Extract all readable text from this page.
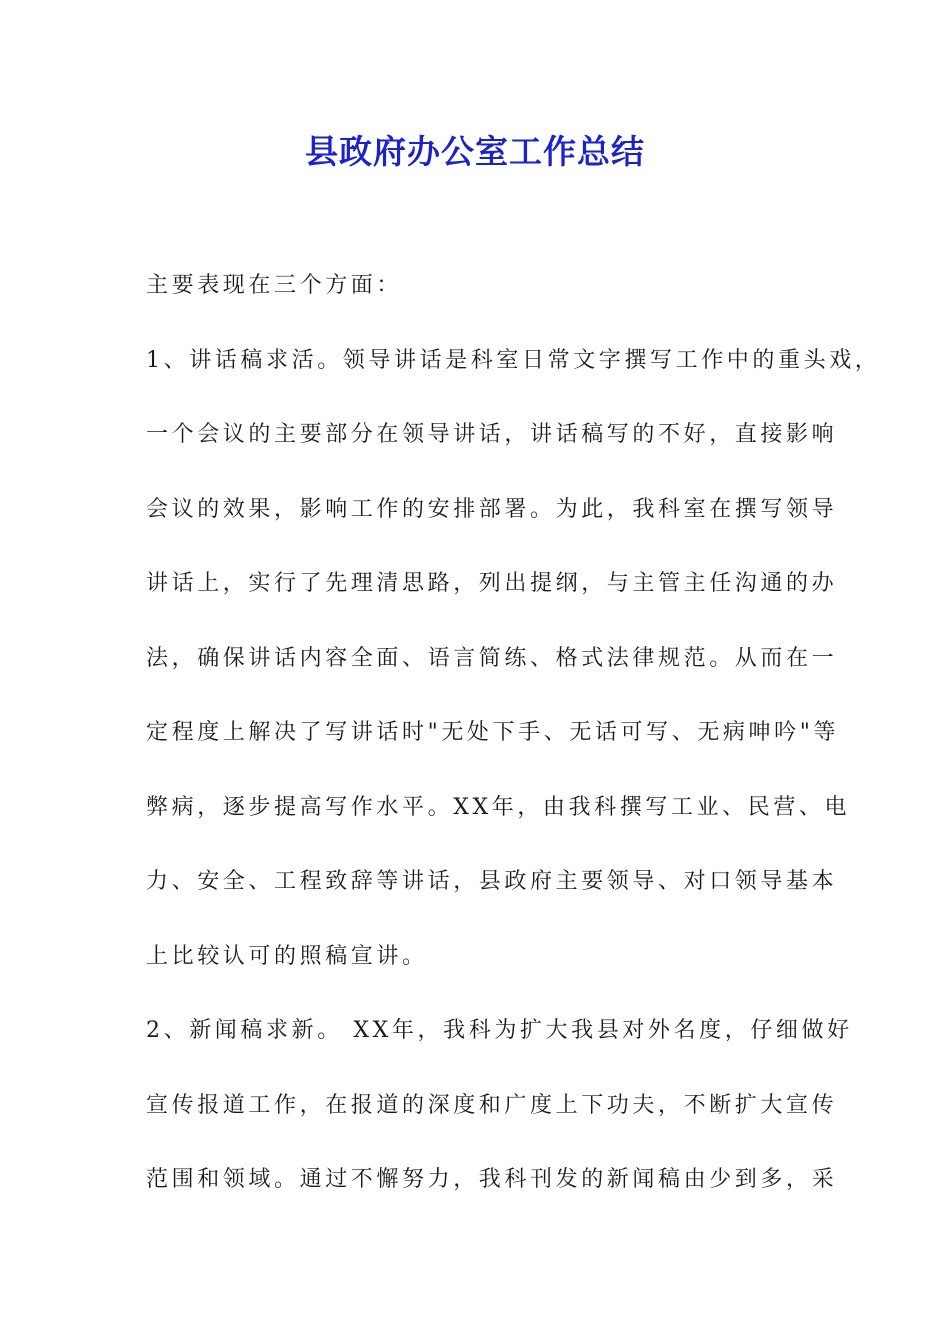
县政府办公室工作总结
主要表现在三个方面：
1、讲话稿求活。领导讲话是科室日常文字撰写工作中的重头戏，
一个会议的主要部分在领导讲话，讲话稿写的不好，直接影响
会议的效果，影响工作的安排部署。为此，我科室在撰写领导
讲话上，实行了先理清思路，列出提纲，与主管主任沟通的办
法，确保讲话内容全面、语言简练、格式法律规范。从而在一
定程度上解决了写讲话时"无处下手、无话可写、无病呻吟"等
弊病，逐步提高写作水平。XX年，由我科撰写工业、民营、电
力、安全、工程致辞等讲话，县政府主要领导、对口领导基本
上比较认可的照稿宣讲。
2、新闻稿求新。 XX年，我科为扩大我县对外名度，仔细做好
宣传报道工作，在报道的深度和广度上下功夫，不断扩大宣传
范围和领域。通过不懈努力，我科刊发的新闻稿由少到多，采
